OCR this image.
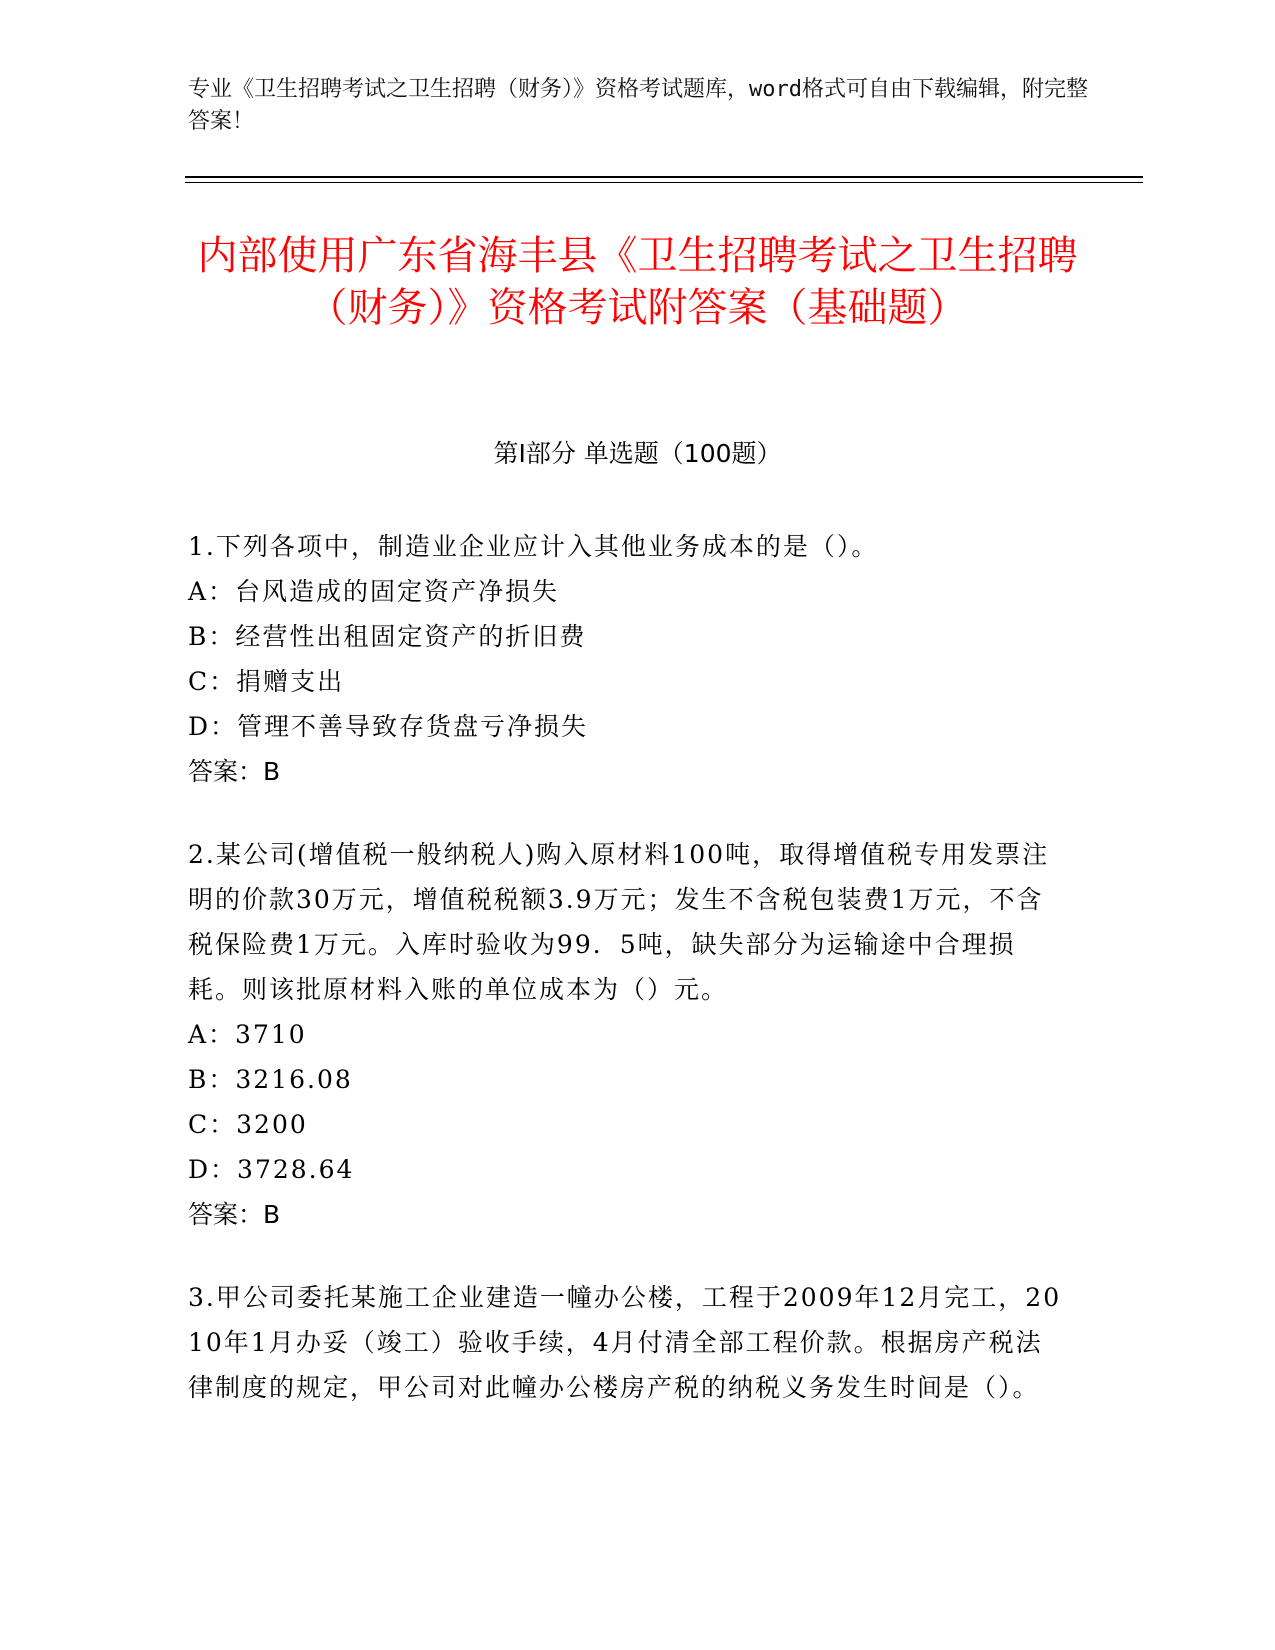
专业《卫生招聘考试之卫生招聘（财务）》资格考试题库，word格式可自由下载编辑，附完整答案！
内部使用广东省海丰县《卫生招聘考试之卫生招聘（财务）》资格考试附答案（基础题）
第I部分 单选题（100题）
1.下列各项中，制造业企业应计入其他业务成本的是（）。
A：台风造成的固定资产净损失
B：经营性出租固定资产的折旧费
C：捐赠支出
D：管理不善导致存货盘亏净损失
答案：B
2.某公司(增值税一般纳税人)购入原材料100吨，取得增值税专用发票注明的价款30万元，增值税税额3.9万元；发生不含税包装费1万元，不含税保险费1万元。入库时验收为99．5吨，缺失部分为运输途中合理损耗。则该批原材料入账的单位成本为（）元。
A：3710
B：3216.08
C：3200
D：3728.64
答案：B
3.甲公司委托某施工企业建造一幢办公楼，工程于2009年12月完工，2010年1月办妥（竣工）验收手续，4月付清全部工程价款。根据房产税法律制度的规定，甲公司对此幢办公楼房产税的纳税义务发生时间是（）。
